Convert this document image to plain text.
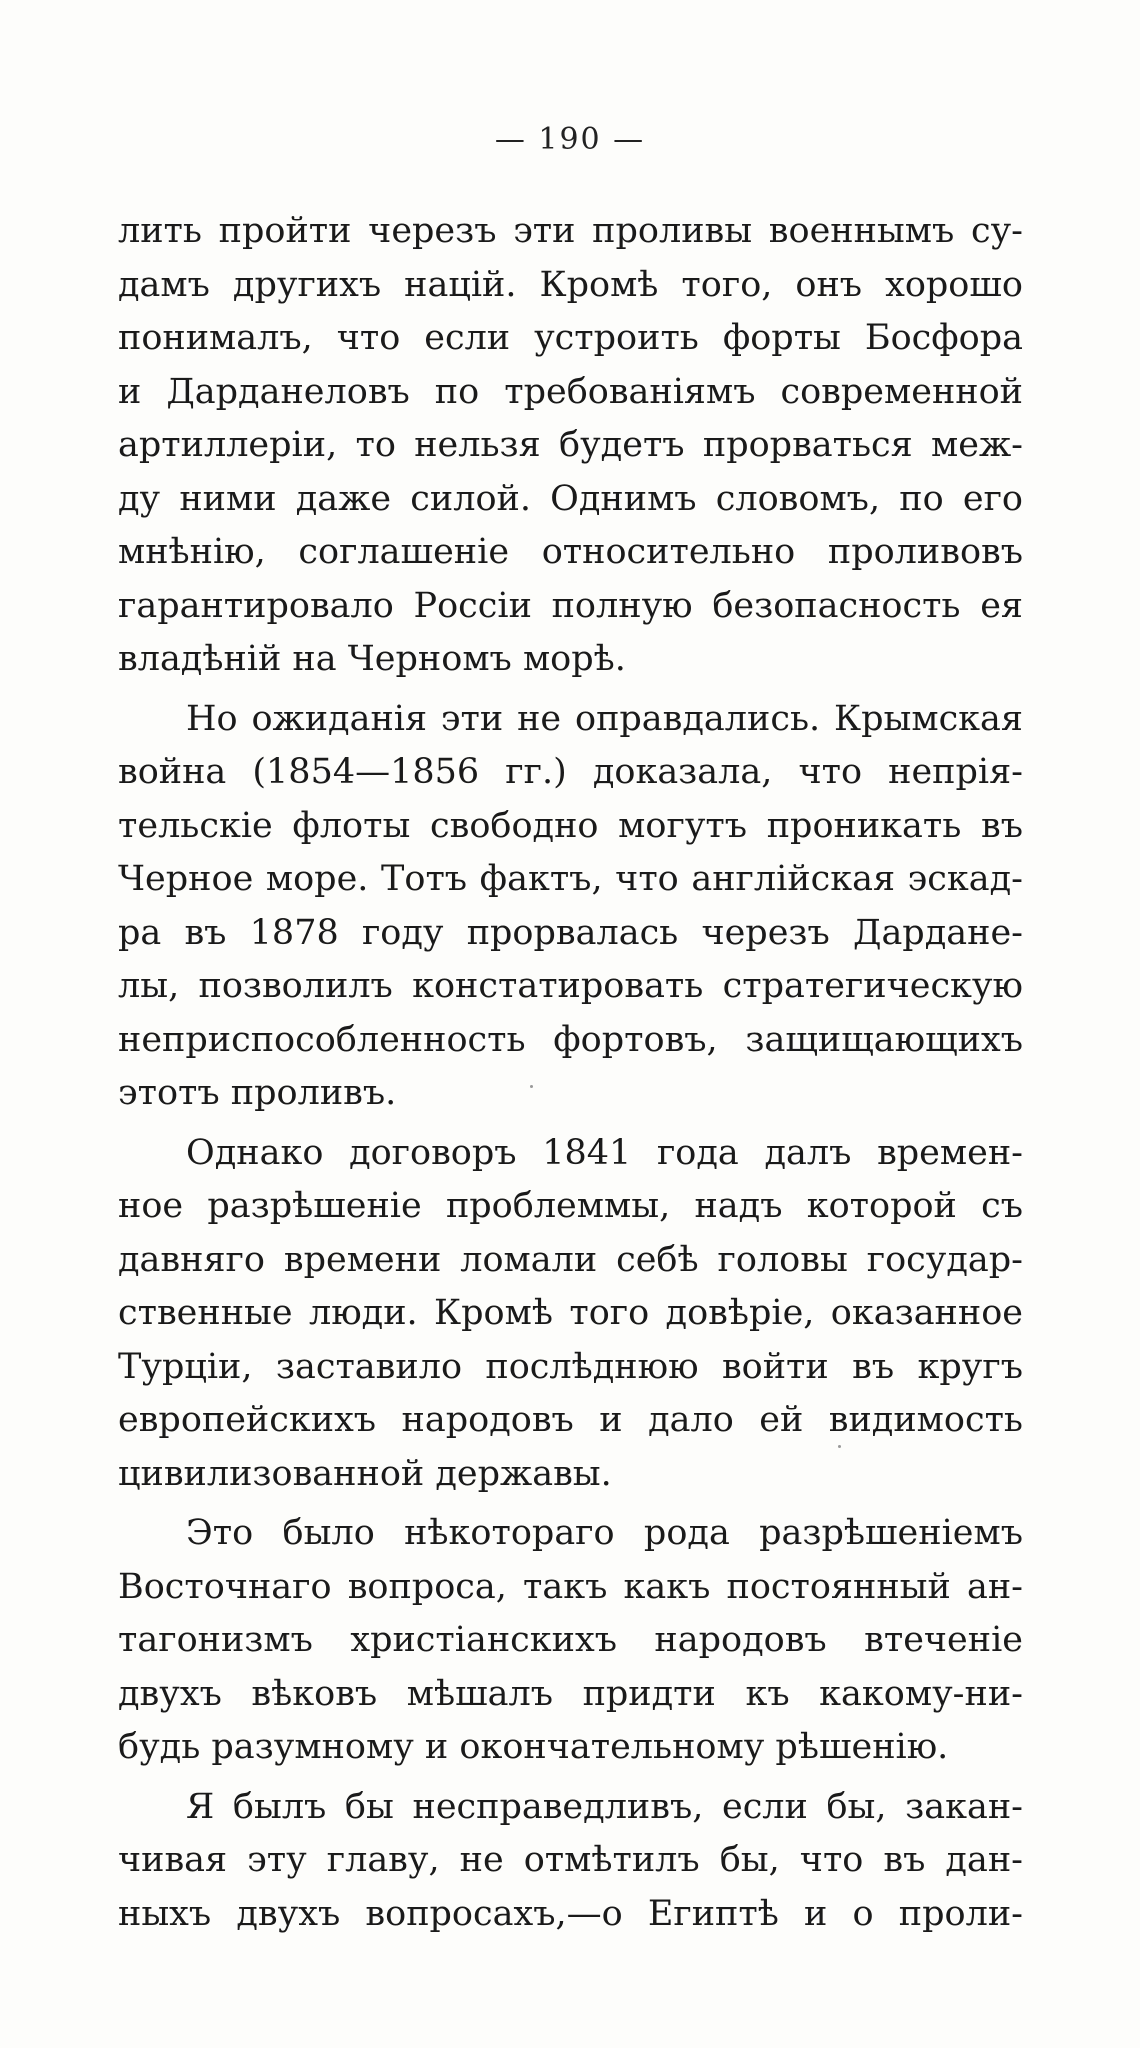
— 190 —
лить пройти черезъ эти проливы военнымъ су-
дамъ другихъ націй. Кромѣ того, онъ хорошо
понималъ, что если устроить форты Босфора
и Дарданеловъ по требованіямъ современной
артиллеріи, то нельзя будетъ прорваться меж-
ду ними даже силой. Однимъ словомъ, по его
мнѣнію, соглашеніе относительно проливовъ
гарантировало Россіи полную безопасность ея
владѣній на Черномъ морѣ.
Но ожиданія эти не оправдались. Крымская
война (1854—1856 гг.) доказала, что непрія-
тельскіе флоты свободно могутъ проникать въ
Черное море. Тотъ фактъ, что англійская эскад-
ра въ 1878 году прорвалась черезъ Дардане-
лы, позволилъ констатировать стратегическую
неприспособленность фортовъ, защищающихъ
этотъ проливъ.
Однако договоръ 1841 года далъ времен-
ное разрѣшеніе проблеммы, надъ которой съ
давняго времени ломали себѣ головы государ-
ственные люди. Кромѣ того довѣріе, оказанное
Турціи, заставило послѣднюю войти въ кругъ
европейскихъ народовъ и дало ей видимость
цивилизованной державы.
Это было нѣкотораго рода разрѣшеніемъ
Восточнаго вопроса, такъ какъ постоянный ан-
тагонизмъ христіанскихъ народовъ втеченіе
двухъ вѣковъ мѣшалъ придти къ какому-ни-
будь разумному и окончательному рѣшенію.
Я былъ бы несправедливъ, если бы, закан-
чивая эту главу, не отмѣтилъ бы, что въ дан-
ныхъ двухъ вопросахъ,—о Египтѣ и о проли-
